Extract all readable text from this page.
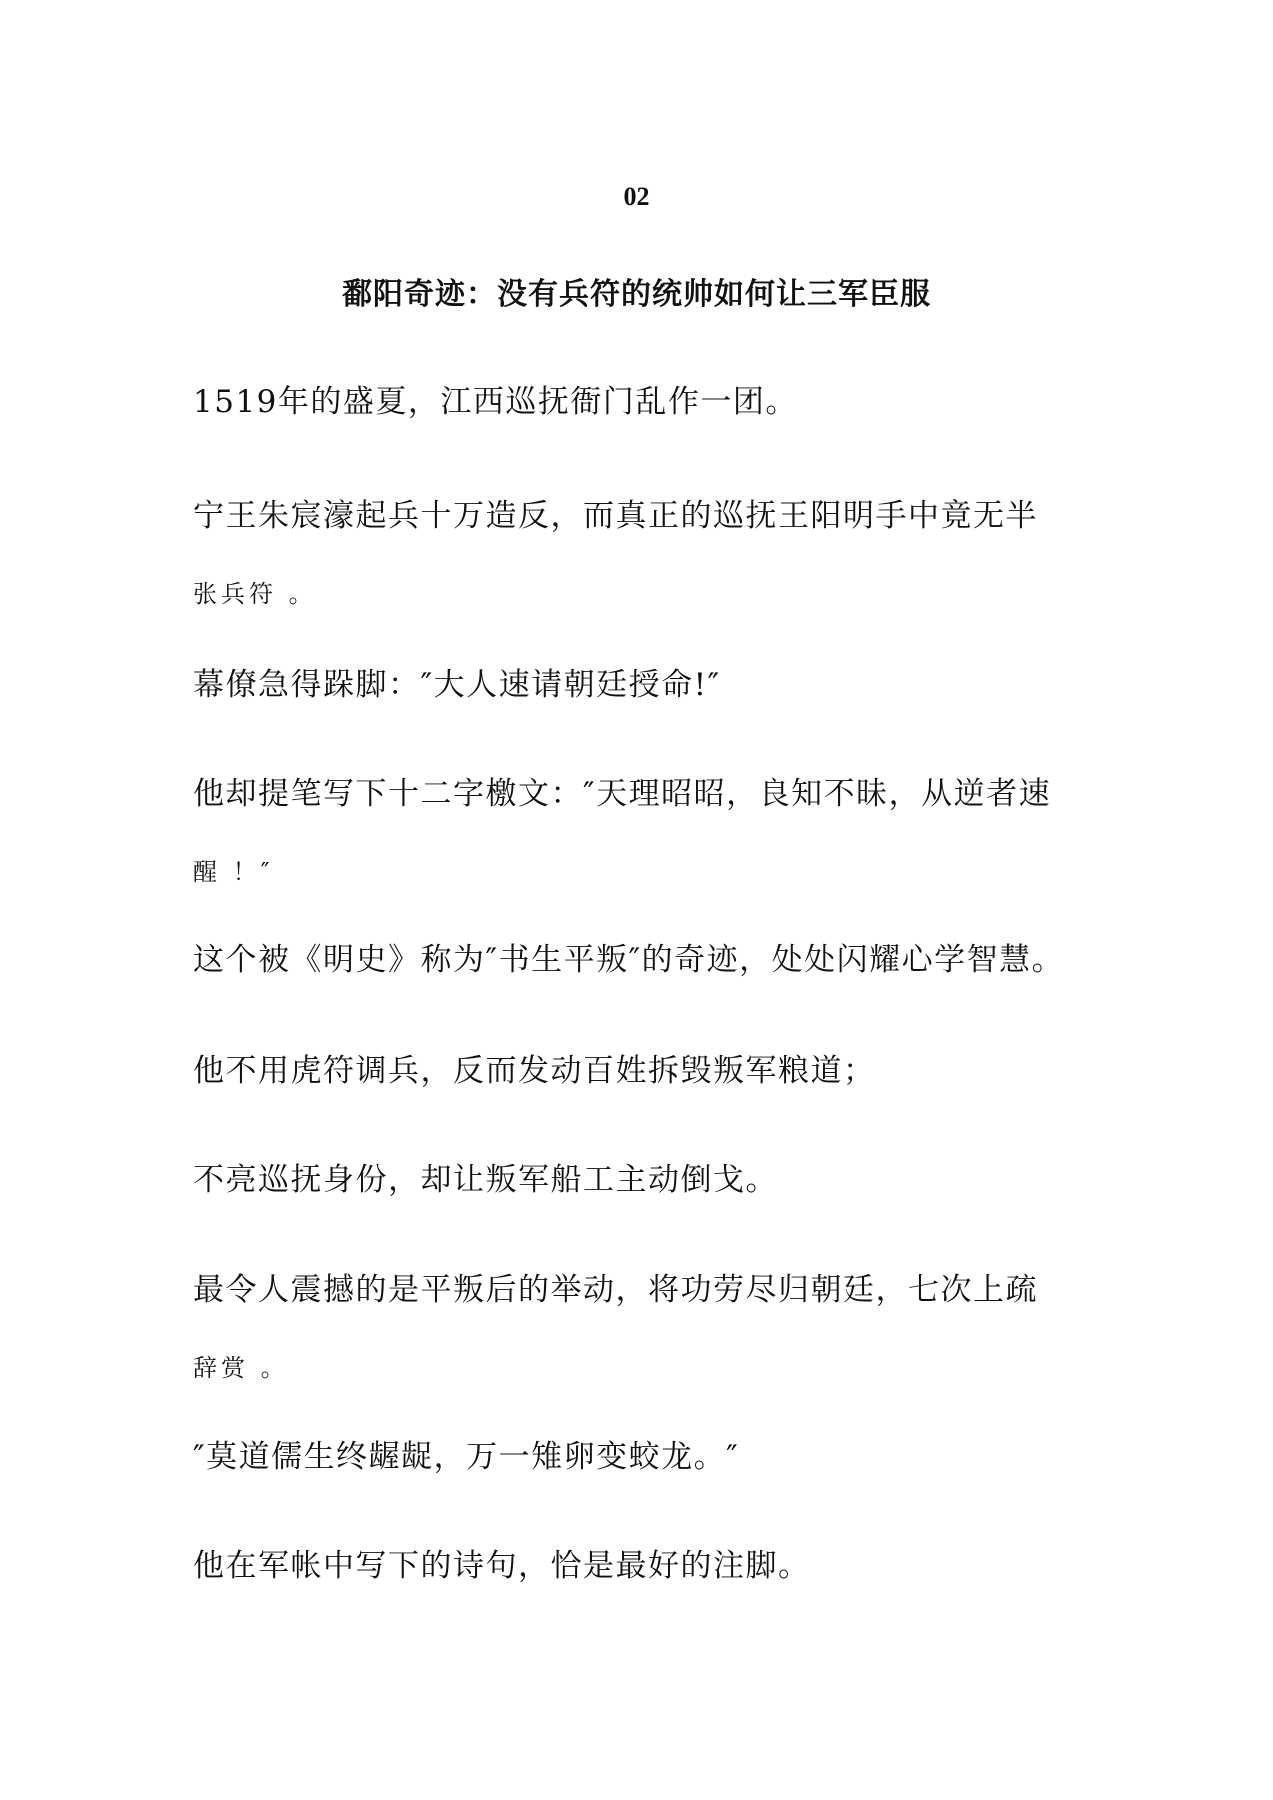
02
鄱阳奇迹：没有兵符的统帅如何让三军臣服
1519年的盛夏，江西巡抚衙门乱作一团。
宁王朱宸濠起兵十万造反，而真正的巡抚王阳明手中竟无半
张兵符 。
幕僚急得跺脚：″大人速请朝廷授命!″
他却提笔写下十二字檄文：″天理昭昭，良知不昧，从逆者速
醒 ！″
这个被《明史》称为″书生平叛″的奇迹，处处闪耀心学智慧。
他不用虎符调兵，反而发动百姓拆毁叛军粮道；
不亮巡抚身份，却让叛军船工主动倒戈。
最令人震撼的是平叛后的举动，将功劳尽归朝廷，七次上疏
辞赏 。
″莫道儒生终龌龊，万一雉卵变蛟龙。″
他在军帐中写下的诗句，恰是最好的注脚。
